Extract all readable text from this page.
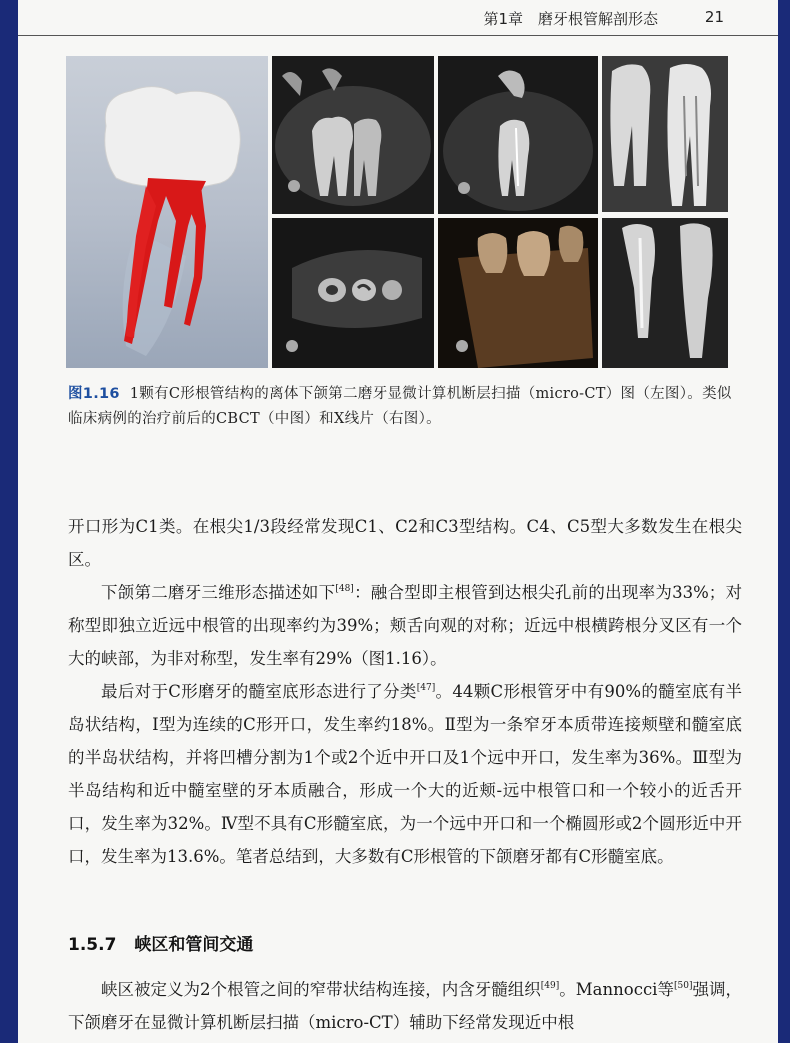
第1章　磨牙根管解剖形态	21

图1.16 1颗有C形根管结构的离体下颌第二磨牙显微计算机断层扫描（micro-CT）图（左图）。类似临床病例的治疗前后的CBCT（中图）和X线片（右图）。

开口形为C1类。在根尖1/3段经常发现C1、C2和C3型结构。C4、C5型大多数发生在根尖区。

下颌第二磨牙三维形态描述如下[48]：融合型即主根管到达根尖孔前的出现率为33%；对称型即独立近远中根管的出现率约为39%；颊舌向观的对称；近远中根横跨根分叉区有一个大的峡部，为非对称型，发生率有29%（图1.16）。

最后对于C形磨牙的髓室底形态进行了分类[47]。44颗C形根管牙中有90%的髓室底有半岛状结构，Ⅰ型为连续的C形开口，发生率约18%。Ⅱ型为一条窄牙本质带连接颊壁和髓室底的半岛状结构，并将凹槽分割为1个或2个近中开口及1个远中开口，发生率为36%。Ⅲ型为半岛结构和近中髓室壁的牙本质融合，形成一个大的近颊-远中根管口和一个较小的近舌开口，发生率为32%。Ⅳ型不具有C形髓室底，为一个远中开口和一个椭圆形或2个圆形近中开口，发生率为13.6%。笔者总结到，大多数有C形根管的下颌磨牙都有C形髓室底。

1.5.7 峡区和管间交通

峡区被定义为2个根管之间的窄带状结构连接，内含牙髓组织[49]。Mannocci等[50]强调，下颌磨牙在显微计算机断层扫描（micro-CT）辅助下经常发现近中根
